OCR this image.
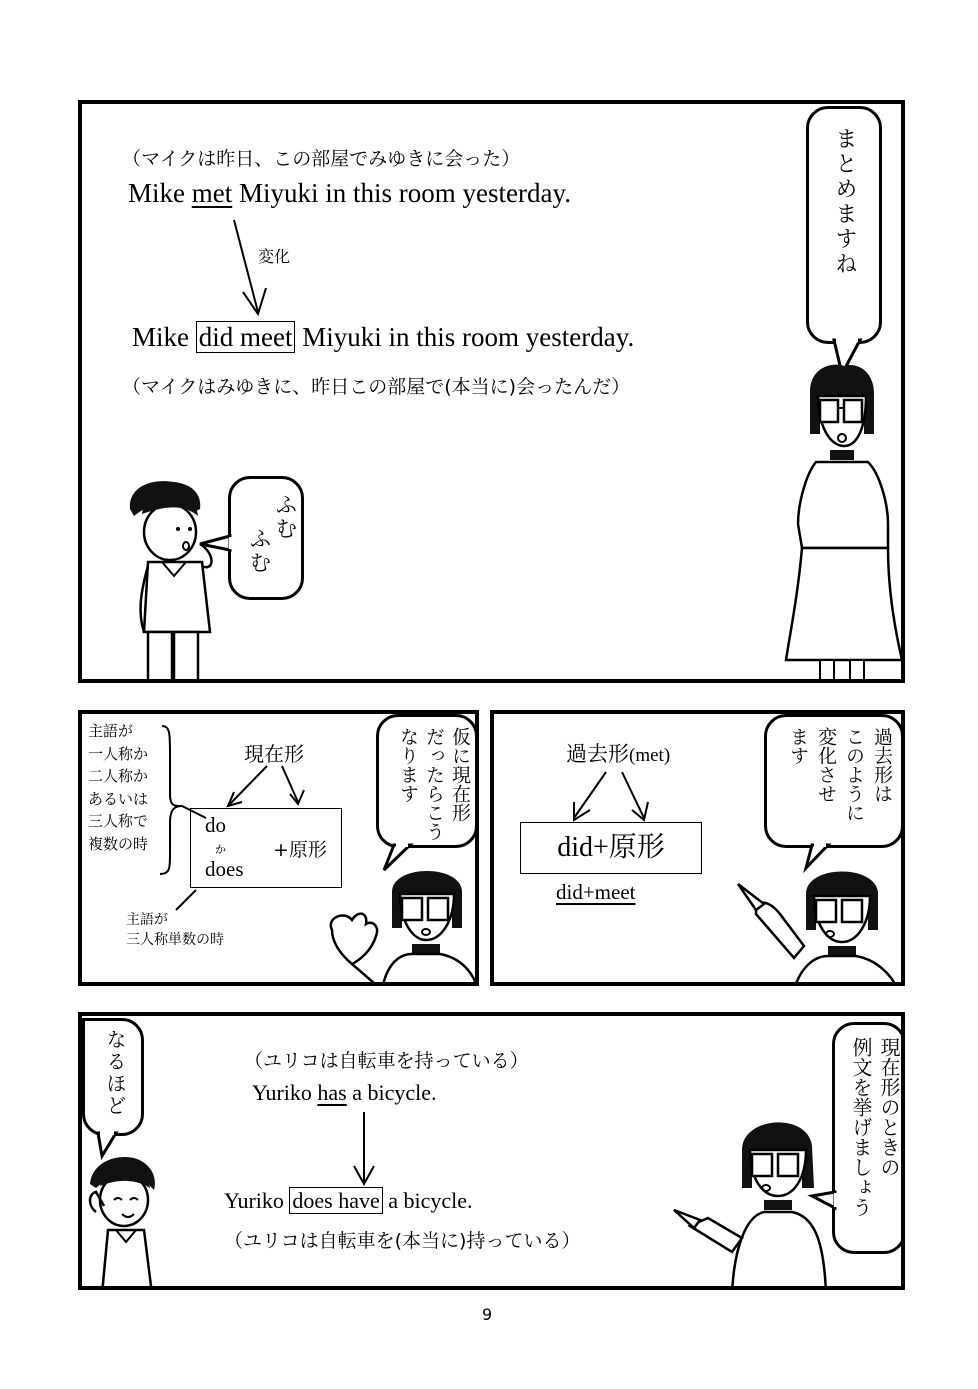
（マイクは昨日、この部屋でみゆきに会った）
Mike met Miyuki in this room yesterday.
変化
Mike did meet Miyuki in this room yesterday.
（マイクはみゆきに、昨日この部屋で(本当に)会ったんだ）
まとめますね
ふむ
ふむ
主語が
一人称か
二人称か
あるいは
三人称で
複数の時
現在形
do
か
does
+原形
主語が
三人称単数の時
仮に現在形
だったらこう
なります	過去形(met)
did+原形
did+meet
過去形は
このように
変化させ
ます
（ユリコは自転車を持っている）
Yuriko has a bicycle.
Yuriko does have a bicycle.
（ユリコは自転車を(本当に)持っている）
なるほど	現在形のときの
例文を挙げましょう
9
